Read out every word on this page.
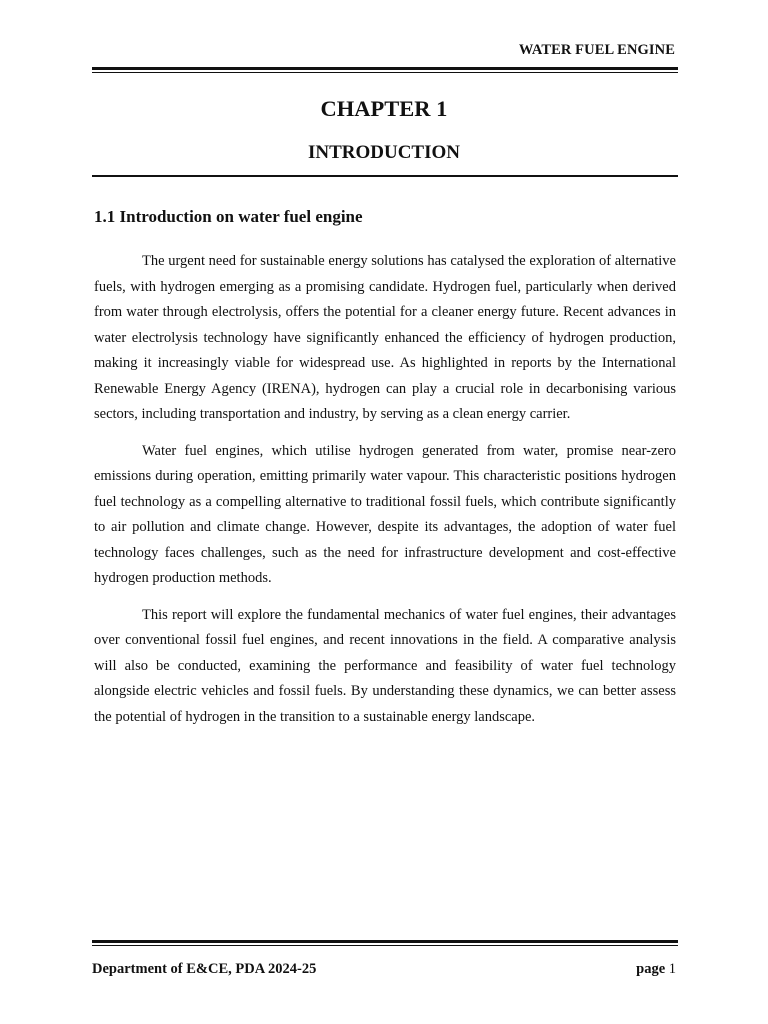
WATER FUEL ENGINE
CHAPTER 1
INTRODUCTION
1.1 Introduction on water fuel engine

The urgent need for sustainable energy solutions has catalysed the exploration of alternative fuels, with hydrogen emerging as a promising candidate. Hydrogen fuel, particularly when derived from water through electrolysis, offers the potential for a cleaner energy future. Recent advances in water electrolysis technology have significantly enhanced the efficiency of hydrogen production, making it increasingly viable for widespread use. As highlighted in reports by the International Renewable Energy Agency (IRENA), hydrogen can play a crucial role in decarbonising various sectors, including transportation and industry, by serving as a clean energy carrier.

Water fuel engines, which utilise hydrogen generated from water, promise near-zero emissions during operation, emitting primarily water vapour. This characteristic positions hydrogen fuel technology as a compelling alternative to traditional fossil fuels, which contribute significantly to air pollution and climate change. However, despite its advantages, the adoption of water fuel technology faces challenges, such as the need for infrastructure development and cost-effective hydrogen production methods.

This report will explore the fundamental mechanics of water fuel engines, their advantages over conventional fossil fuel engines, and recent innovations in the field. A comparative analysis will also be conducted, examining the performance and feasibility of water fuel technology alongside electric vehicles and fossil fuels. By understanding these dynamics, we can better assess the potential of hydrogen in the transition to a sustainable energy landscape.

Department of E&CE, PDA 2024-25	page 1
